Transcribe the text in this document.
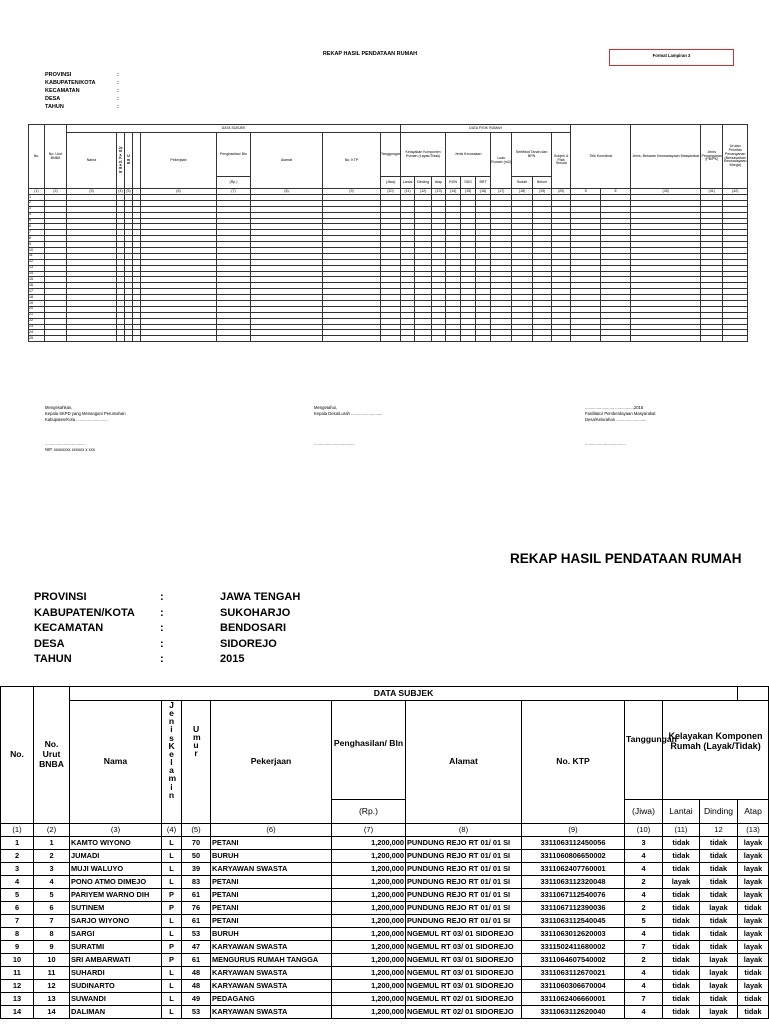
REKAP HASIL PENDATAAN RUMAH	Format Lampiran 3
PROVINSI	:
KABUPATEN/KOTA	:
KECAMATAN	:
DESA	:
TAHUN	:
No.	No. Urut BNBA	DATA SUBJEK									DATA FISIK RUMAH										Titik Koordinat		Jenis, Besaran Keswadayaan Masyarakat	Jenis Penanganan (PB/PK)	Urutan Prioritas Penanganan (Berdasarkan Keswadayaan Warga)
		Nama	Jenis Kelamin	Umur		Pekerjaan	Penghasilan/ Bln	Alamat	No. KTP	Tanggungan	Kelayakan Komponen Rumah (Layak/Tidak)			Jenis Kerusakan			Luas Rumah (m2)	Sertifikat Tanah dari BPN		Subjek & Fisik Sesuai					
							(Rp.)			(Jiwa)	Lantai	Dinding	Atap	RGN	SDG	BRT		Sudah	Belum						
(1)	(2)	(3)	(4)	(5)		(6)	(7)	(8)	(9)	(10)	(11)	(12)	(13)	(14)	(15)	(16)	(17)	(18)	(19)	(20)	S	E	(40)	(41)	(42)
1																									
2																									
3																									
4																									
5																									
6																									
7																									
8																									
9																									
10																									
11																									
12																									
13																									
14																									
15																									
16																									
17																									
18																									
19																									
20																									
21																									
22																									
23																									
24																									
25																									
Mengesahkan,
Kepala SKPD yang Menangani Perumahan
Kabupaten/Kota ...........................
...................................
NIP. xxxxxxxx xxxxxx x xxx
Mengetahui,
Kepala Desa/Lurah ...........................
...................................
........................, ................2015
Fasilitator Pemberdayaan Masyarakat
Desa/Kelurahan ..........................
...................................
REKAP HASIL PENDATAAN RUMAH
PROVINSI	:	JAWA TENGAH
KABUPATEN/KOTA	:	SUKOHARJO
KECAMATAN	:	BENDOSARI
DESA	:	SIDOREJO
TAHUN	:	2015
No.	No. Urut BNBA	DATA SUBJEK										
		Nama	Jenis Kelamin	Umur	Pekerjaan	Penghasilan/ Bln	Alamat	No. KTP	Tanggungan	Kelayakan Komponen Rumah (Layak/Tidak)		
						(Rp.)			(Jiwa)	Lantai	Dinding	Atap
(1)	(2)	(3)	(4)	(5)	(6)	(7)	(8)	(9)	(10)	(11)	12	(13)
1	1	KAMTO WIYONO	L	70	PETANI	1,200,000	PUNDUNG REJO RT 01/ 01 SI	3311063112450056	3	tidak	tidak	layak
2	2	JUMADI	L	50	BURUH	1,200,000	PUNDUNG REJO RT 01/ 01 SI	3311060806650002	4	tidak	tidak	layak
3	3	MUJI WALUYO	L	39	KARYAWAN SWASTA	1,200,000	PUNDUNG REJO RT 01/ 01 SI	3311062407760001	4	tidak	tidak	layak
4	4	PONO ATMO DIMEJO	L	83	PETANI	1,200,000	PUNDUNG REJO RT 01/ 01 SI	3311063112320048	2	layak	tidak	layak
5	5	PARIYEM WARNO DIH	P	61	PETANI	1,200,000	PUNDUNG REJO RT 01/ 01 SI	3311067112540076	4	tidak	tidak	layak
6	6	SUTINEM	P	76	PETANI	1,200,000	PUNDUNG REJO RT 01/ 01 SI	3311067112390036	2	tidak	layak	tidak
7	7	SARJO WIYONO	L	61	PETANI	1,200,000	PUNDUNG REJO RT 01/ 01 SI	3311063112540045	5	tidak	tidak	layak
8	8	SARGI	L	53	BURUH	1,200,000	NGEMUL RT 03/ 01 SIDOREJO	3311063012620003	4	tidak	tidak	layak
9	9	SURATMI	P	47	KARYAWAN SWASTA	1,200,000	NGEMUL RT 03/ 01 SIDOREJO	3311502411680002	7	tidak	tidak	layak
10	10	SRI AMBARWATI	P	61	MENGURUS RUMAH TANGGA	1,200,000	NGEMUL RT 03/ 01 SIDOREJO	3311064607540002	2	tidak	layak	layak
11	11	SUHARDI	L	48	KARYAWAN SWASTA	1,200,000	NGEMUL RT 03/ 01 SIDOREJO	3311063112670021	4	tidak	layak	tidak
12	12	SUDINARTO	L	48	KARYAWAN SWASTA	1,200,000	NGEMUL RT 03/ 01 SIDOREJO	3311060306670004	4	tidak	layak	layak
13	13	SUWANDI	L	49	PEDAGANG	1,200,000	NGEMUL RT 02/ 01 SIDOREJO	3311062406660001	7	tidak	tidak	tidak
14	14	DALIMAN	L	53	KARYAWAN SWASTA	1,200,000	NGEMUL RT 02/ 01 SIDOREJO	3311063112620040	4	tidak	layak	tidak
